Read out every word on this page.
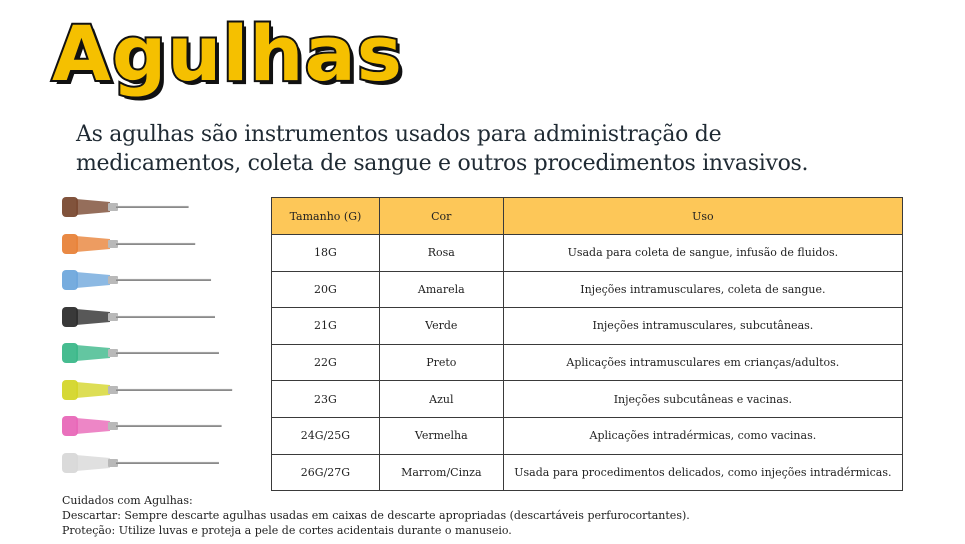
Agulhas
As agulhas são instrumentos usados para administração de medicamentos, coleta de sangue e outros procedimentos invasivos.
Tamanho (G)	Cor	Uso
18G	Rosa	Usada para coleta de sangue, infusão de fluidos.
20G	Amarela	Injeções intramusculares, coleta de sangue.
21G	Verde	Injeções intramusculares, subcutâneas.
22G	Preto	Aplicações intramusculares em crianças/adultos.
23G	Azul	Injeções subcutâneas e vacinas.
24G/25G	Vermelha	Aplicações intradérmicas, como vacinas.
26G/27G	Marrom/Cinza	Usada para procedimentos delicados, como injeções intradérmicas.
Cuidados com Agulhas:
Descartar: Sempre descarte agulhas usadas em caixas de descarte apropriadas (descartáveis perfurocortantes).
Proteção: Utilize luvas e proteja a pele de cortes acidentais durante o manuseio.
